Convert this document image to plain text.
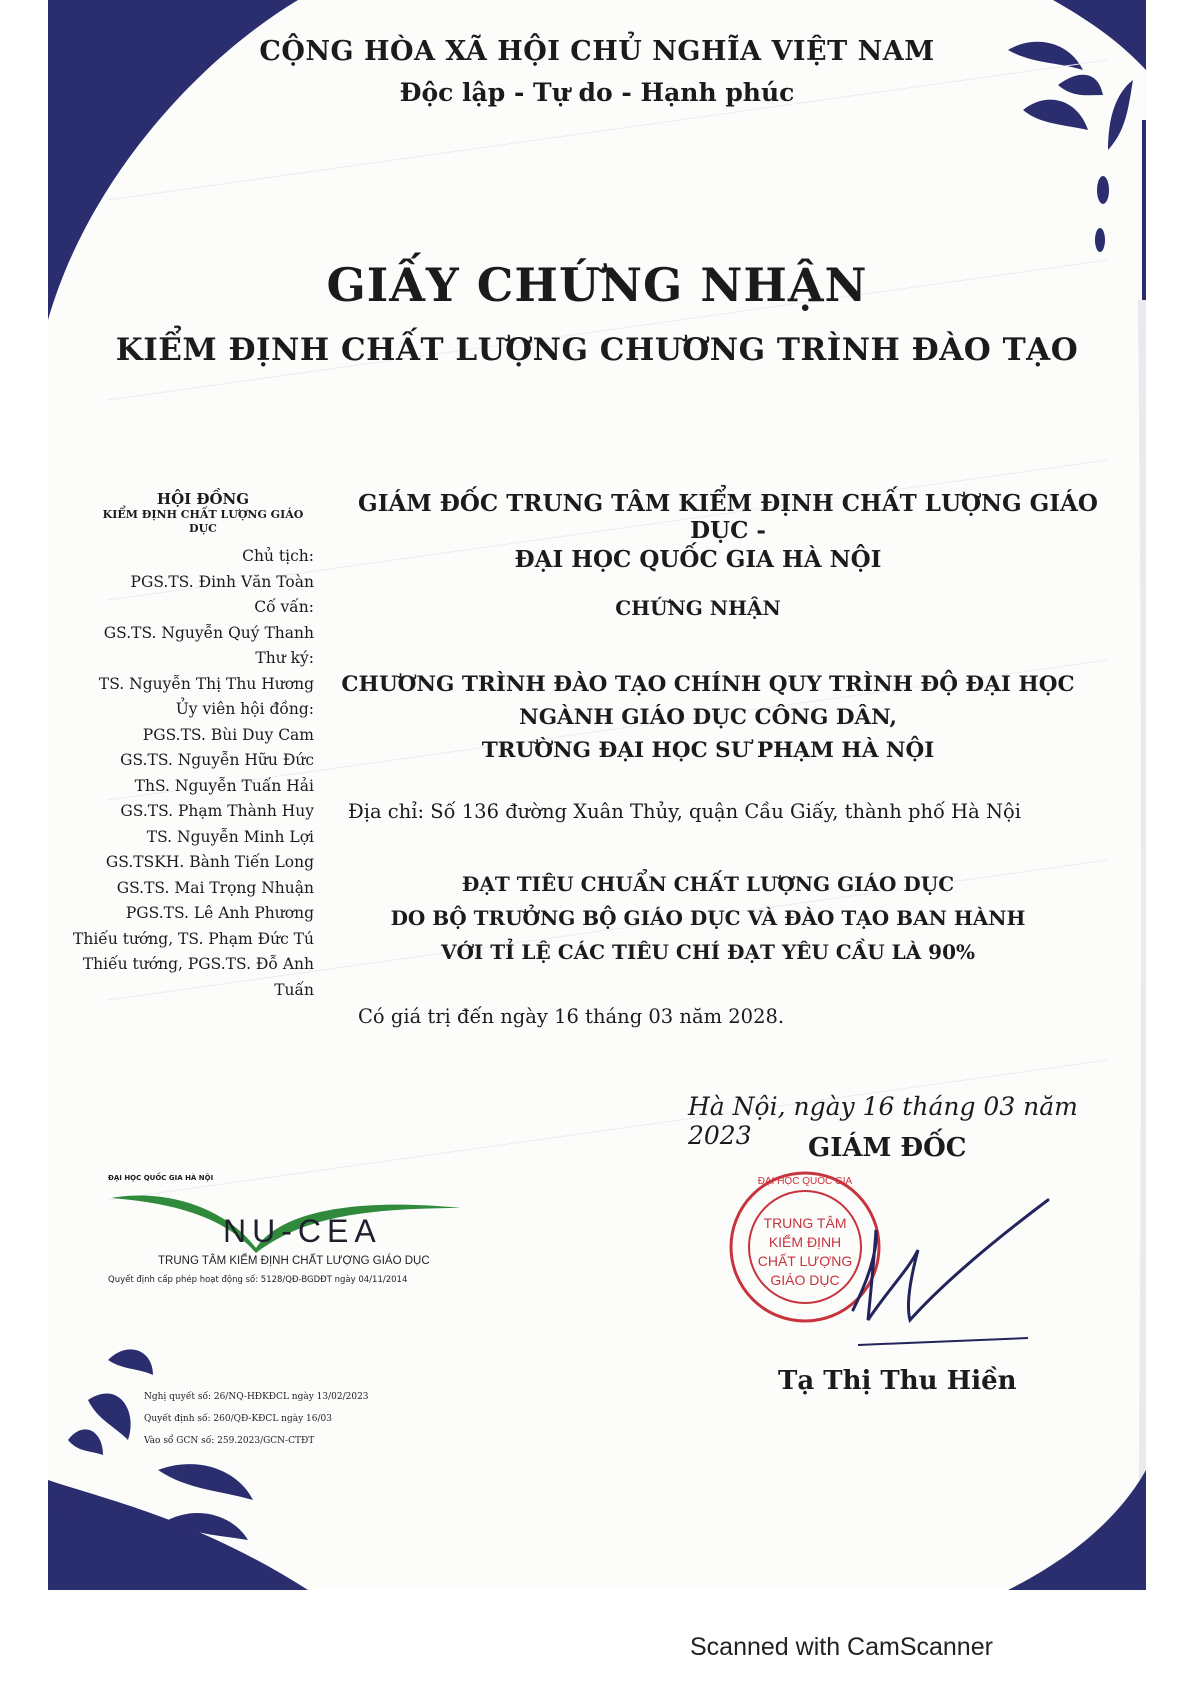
CỘNG HÒA XÃ HỘI CHỦ NGHĨA VIỆT NAM
Độc lập - Tự do - Hạnh phúc
GIẤY CHỨNG NHẬN
KIỂM ĐỊNH CHẤT LƯỢNG CHƯƠNG TRÌNH ĐÀO TẠO
HỘI ĐỒNG
KIỂM ĐỊNH CHẤT LƯỢNG GIÁO DỤC
Chủ tịch:
PGS.TS. Đinh Văn Toàn
Cố vấn:
GS.TS. Nguyễn Quý Thanh
Thư ký:
TS. Nguyễn Thị Thu Hương
Ủy viên hội đồng:
PGS.TS. Bùi Duy Cam
GS.TS. Nguyễn Hữu Đức
ThS. Nguyễn Tuấn Hải
GS.TS. Phạm Thành Huy
TS. Nguyễn Minh Lợi
GS.TSKH. Bành Tiến Long
GS.TS. Mai Trọng Nhuận
PGS.TS. Lê Anh Phương
Thiếu tướng, TS. Phạm Đức Tú
Thiếu tướng, PGS.TS. Đỗ Anh Tuấn
GIÁM ĐỐC TRUNG TÂM KIỂM ĐỊNH CHẤT LƯỢNG GIÁO DỤC -
ĐẠI HỌC QUỐC GIA HÀ NỘI
CHỨNG NHẬN
CHƯƠNG TRÌNH ĐÀO TẠO CHÍNH QUY TRÌNH ĐỘ ĐẠI HỌC
NGÀNH GIÁO DỤC CÔNG DÂN,
TRƯỜNG ĐẠI HỌC SƯ PHẠM HÀ NỘI
Địa chỉ: Số 136 đường Xuân Thủy, quận Cầu Giấy, thành phố Hà Nội
ĐẠT TIÊU CHUẨN CHẤT LƯỢNG GIÁO DỤC
DO BỘ TRƯỞNG BỘ GIÁO DỤC VÀ ĐÀO TẠO BAN HÀNH
VỚI TỈ LỆ CÁC TIÊU CHÍ ĐẠT YÊU CẦU LÀ 90%
Có giá trị đến ngày 16 tháng 03 năm 2028.
Hà Nội, ngày 16 tháng 03 năm 2023	GIÁM ĐỐC
TRUNG TÂM
KIỂM ĐỊNH
CHẤT LƯỢNG
GIÁO DỤC
ĐẠI HỌC QUỐC GIA
Tạ Thị Thu Hiền
ĐẠI HỌC QUỐC GIA HÀ NỘI
NU-CEA
TRUNG TÂM KIỂM ĐỊNH CHẤT LƯỢNG GIÁO DỤC
Quyết định cấp phép hoạt động số: 5128/QĐ-BGDĐT ngày 04/11/2014
Nghị quyết số: 26/NQ-HĐKĐCL ngày 13/02/2023
Quyết định số: 260/QĐ-KĐCL ngày 16/03
Vào sổ GCN số: 259.2023/GCN-CTĐT
Scanned with CamScanner
